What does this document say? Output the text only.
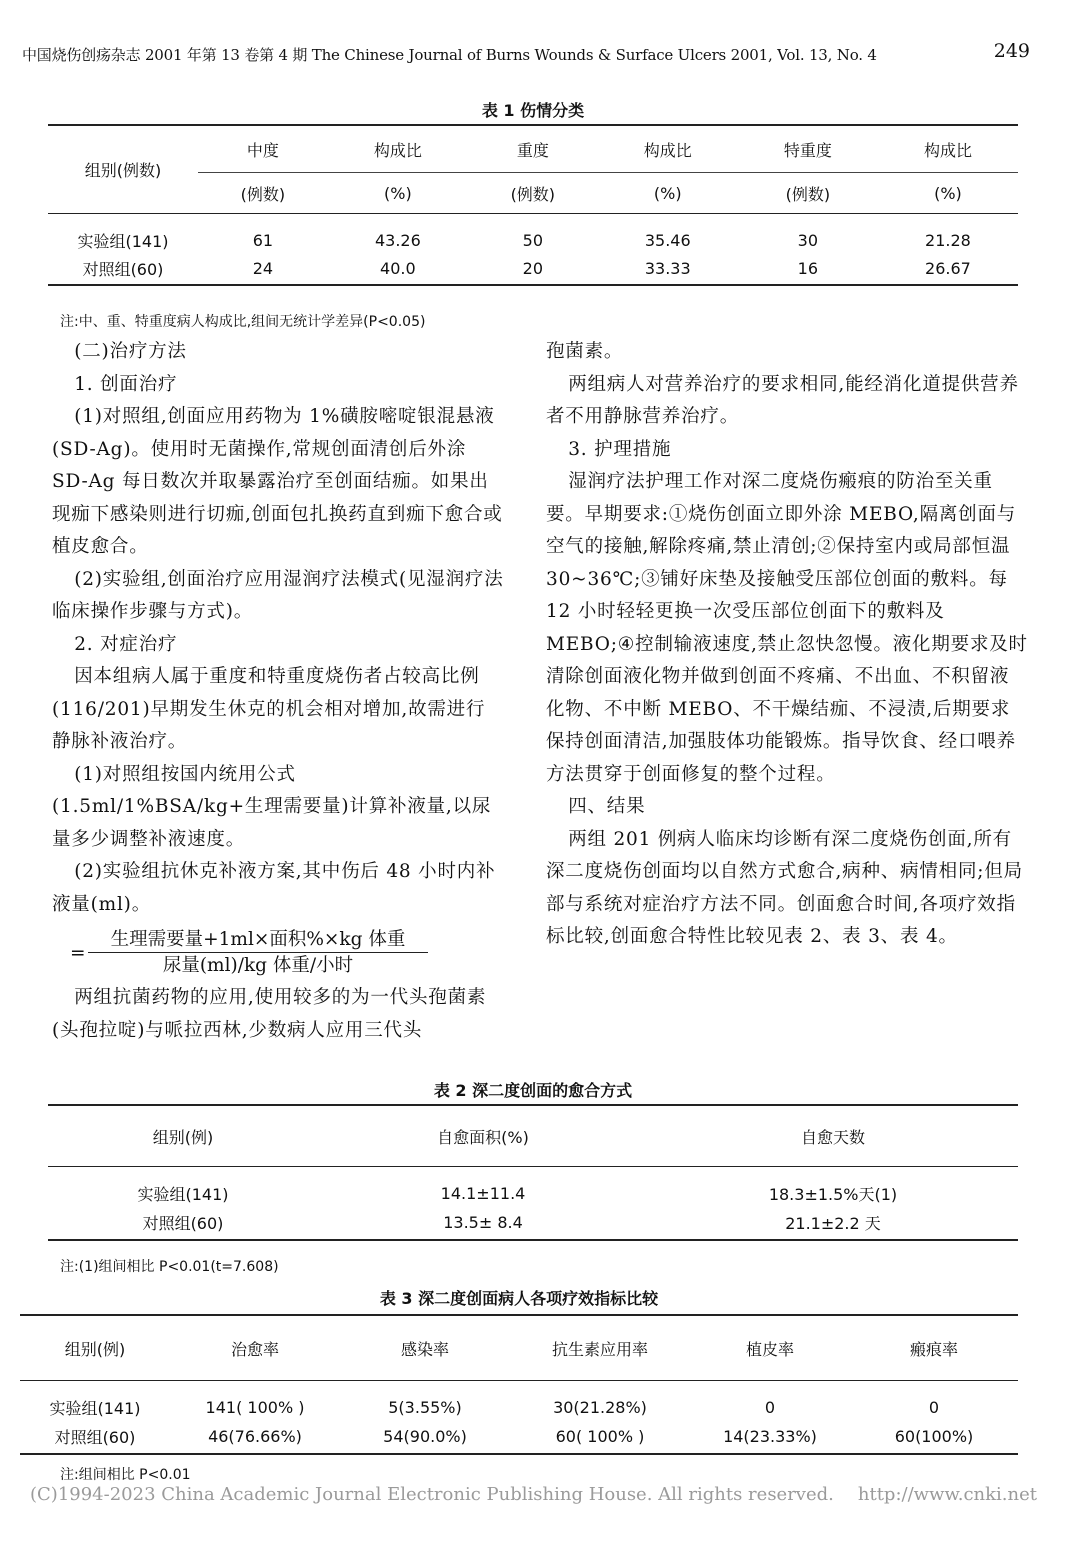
中国烧伤创疡杂志 2001 年第 13 卷第 4 期 The Chinese Journal of Burns Wounds & Surface Ulcers 2001, Vol. 13, No. 4	249
表 1 伤情分类
组别(例数)	中度	构成比	重度	构成比	特重度	构成比
	(例数)	(%)	(例数)	(%)	(例数)	(%)
实验组(141)	61	43.26	50	35.46	30	21.28
对照组(60)	24	40.0	20	33.33	16	26.67
注:中、重、特重度病人构成比,组间无统计学差异(P<0.05)

(二)治疗方法

1. 创面治疗

(1)对照组,创面应用药物为 1%磺胺嘧啶银混悬液(SD-Ag)。使用时无菌操作,常规创面清创后外涂 SD-Ag 每日数次并取暴露治疗至创面结痂。如果出现痂下感染则进行切痂,创面包扎换药直到痂下愈合或植皮愈合。

(2)实验组,创面治疗应用湿润疗法模式(见湿润疗法临床操作步骤与方式)。

2. 对症治疗

因本组病人属于重度和特重度烧伤者占较高比例(116/201)早期发生休克的机会相对增加,故需进行静脉补液治疗。

(1)对照组按国内统用公式(1.5ml/1%BSA/kg+生理需要量)计算补液量,以尿量多少调整补液速度。

(2)实验组抗休克补液方案,其中伤后 48 小时内补液量(ml)。

=
生理需要量+1ml×面积%×kg 体重
尿量(ml)/kg 体重/小时

两组抗菌药物的应用,使用较多的为一代头孢菌素(头孢拉啶)与哌拉西林,少数病人应用三代头

孢菌素。

两组病人对营养治疗的要求相同,能经消化道提供营养者不用静脉营养治疗。

3. 护理措施

湿润疗法护理工作对深二度烧伤瘢痕的防治至关重要。早期要求:①烧伤创面立即外涂 MEBO,隔离创面与空气的接触,解除疼痛,禁止清创;②保持室内或局部恒温 30~36℃;③铺好床垫及接触受压部位创面的敷料。每 12 小时轻轻更换一次受压部位创面下的敷料及 MEBO;④控制输液速度,禁止忽快忽慢。液化期要求及时清除创面液化物并做到创面不疼痛、不出血、不积留液化物、不中断 MEBO、不干燥结痂、不浸渍,后期要求保持创面清洁,加强肢体功能锻炼。指导饮食、经口喂养方法贯穿于创面修复的整个过程。

四、结果

两组 201 例病人临床均诊断有深二度烧伤创面,所有深二度烧伤创面均以自然方式愈合,病种、病情相同;但局部与系统对症治疗方法不同。创面愈合时间,各项疗效指标比较,创面愈合特性比较见表 2、表 3、表 4。

表 2 深二度创面的愈合方式
组别(例)	自愈面积(%)	自愈天数
实验组(141)	14.1±11.4	18.3±1.5%天(1)
对照组(60)	13.5± 8.4	21.1±2.2 天
注:(1)组间相比 P<0.01(t=7.608)
表 3 深二度创面病人各项疗效指标比较
组别(例)	治愈率	感染率	抗生素应用率	植皮率	瘢痕率
实验组(141)	141( 100% )	5(3.55%)	30(21.28%)	0	0
对照组(60)	46(76.66%)	54(90.0%)	60( 100% )	14(23.33%)	60(100%)
注:组间相比 P<0.01
(C)1994-2023 China Academic Journal Electronic Publishing House. All rights reserved. http://www.cnki.net
